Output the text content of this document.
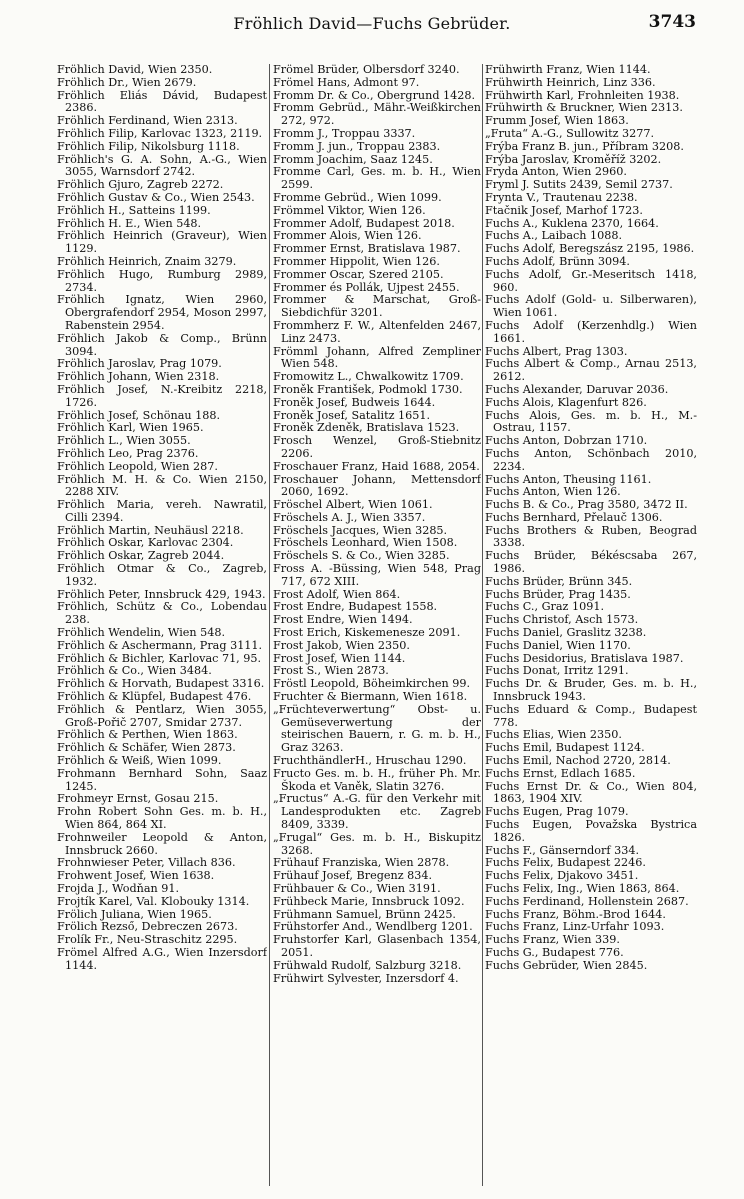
Fröhlich David—Fuchs Gebrüder.	3743

Fröhlich David, Wien 2350.

Fröhlich Dr., Wien 2679.

Fröhlich Eliás Dávid, Budapest 2386.

Fröhlich Ferdinand, Wien 2313.

Fröhlich Filip, Karlovac 1323, 2119.

Fröhlich Filip, Nikolsburg 1118.

Fröhlich's G. A. Sohn, A.-G., Wien 3055, Warnsdorf 2742.

Fröhlich Gjuro, Zagreb 2272.

Fröhlich Gustav & Co., Wien 2543.

Fröhlich H., Satteins 1199.

Fröhlich H. E., Wien 548.

Fröhlich Heinrich (Graveur), Wien 1129.

Fröhlich Heinrich, Znaim 3279.

Fröhlich Hugo, Rumburg 2989, 2734.

Fröhlich Ignatz, Wien 2960, Obergrafendorf 2954, Moson 2997, Rabenstein 2954.

Fröhlich Jakob & Comp., Brünn 3094.

Fröhlich Jaroslav, Prag 1079.

Fröhlich Johann, Wien 2318.

Fröhlich Josef, N.-Kreibitz 2218, 1726.

Fröhlich Josef, Schönau 188.

Fröhlich Karl, Wien 1965.

Fröhlich L., Wien 3055.

Fröhlich Leo, Prag 2376.

Fröhlich Leopold, Wien 287.

Fröhlich M. H. & Co. Wien 2150, 2288 XIV.

Fröhlich Maria, vereh. Nawratil, Cilli 2394.

Fröhlich Martin, Neuhäusl 2218.

Fröhlich Oskar, Karlovac 2304.

Fröhlich Oskar, Zagreb 2044.

Fröhlich Otmar & Co., Zagreb, 1932.

Fröhlich Peter, Innsbruck 429, 1943.

Fröhlich, Schütz & Co., Lobendau 238.

Fröhlich Wendelin, Wien 548.

Fröhlich & Aschermann, Prag 3111.

Fröhlich & Bichler, Karlovac 71, 95.

Fröhlich & Co., Wien 3484.

Fröhlich & Horvath, Budapest 3316.

Fröhlich & Klüpfel, Budapest 476.

Fröhlich & Pentlarz, Wien 3055, Groß-Pořič 2707, Smidar 2737.

Fröhlich & Perthen, Wien 1863.

Fröhlich & Schäfer, Wien 2873.

Fröhlich & Weiß, Wien 1099.

Frohmann Bernhard Sohn, Saaz 1245.

Frohmeyr Ernst, Gosau 215.

Frohn Robert Sohn Ges. m. b. H., Wien 864, 864 XI.

Frohnweiler Leopold & Anton, Innsbruck 2660.

Frohnwieser Peter, Villach 836.

Frohwent Josef, Wien 1638.

Frojda J., Wodňan 91.

Frojtík Karel, Val. Klobouky 1314.

Frölich Juliana, Wien 1965.

Frölich Rezső, Debreczen 2673.

Frolík Fr., Neu-Straschitz 2295.

Frömel Alfred A.G., Wien Inzersdorf 1144.

Frömel Brüder, Olbersdorf 3240.

Frömel Hans, Admont 97.

Fromm Dr. & Co., Obergrund 1428.

Fromm Gebrüd., Mähr.-Weißkirchen 272, 972.

Fromm J., Troppau 3337.

Fromm J. jun., Troppau 2383.

Fromm Joachim, Saaz 1245.

Fromme Carl, Ges. m. b. H., Wien 2599.

Fromme Gebrüd., Wien 1099.

Frömmel Viktor, Wien 126.

Frommer Adolf, Budapest 2018.

Frommer Alois, Wien 126.

Frommer Ernst, Bratislava 1987.

Frommer Hippolit, Wien 126.

Frommer Oscar, Szered 2105.

Frommer és Pollák, Ujpest 2455.

Frommer & Marschat, Groß-Siebdichfür 3201.

Frommherz F. W., Altenfelden 2467, Linz 2473.

Frömml Johann, Alfred Zempliner Wien 548.

Fromowitz L., Chwalkowitz 1709.

Froněk František, Podmokl 1730.

Froněk Josef, Budweis 1644.

Froněk Josef, Satalitz 1651.

Froněk Zdeněk, Bratislava 1523.

Frosch Wenzel, Groß-Stiebnitz 2206.

Froschauer Franz, Haid 1688, 2054.

Froschauer Johann, Mettensdorf 2060, 1692.

Fröschel Albert, Wien 1061.

Fröschels A. J., Wien 3357.

Fröschels Jacques, Wien 3285.

Fröschels Leonhard, Wien 1508.

Fröschels S. & Co., Wien 3285.

Fross A. -Büssing, Wien 548, Prag 717, 672 XIII.

Frost Adolf, Wien 864.

Frost Endre, Budapest 1558.

Frost Endre, Wien 1494.

Frost Erich, Kiskemenesze 2091.

Frost Jakob, Wien 2350.

Frost Josef, Wien 1144.

Frost S., Wien 2873.

Fröstl Leopold, Böheimkirchen 99.

Fruchter & Biermann, Wien 1618.

„Früchteverwertung“ Obst- u. Gemüseverwertung der steirischen Bauern, r. G. m. b. H., Graz 3263.

FruchthändlerH., Hruschau 1290.

Fructo Ges. m. b. H., früher Ph. Mr. Škoda et Vaněk, Slatin 3276.

„Fructus“ A.-G. für den Verkehr mit Landesprodukten etc. Zagreb 8409, 3339.

„Frugal“ Ges. m. b. H., Biskupitz 3268.

Frühauf Franziska, Wien 2878.

Frühauf Josef, Bregenz 834.

Frühbauer & Co., Wien 3191.

Frühbeck Marie, Innsbruck 1092.

Frühmann Samuel, Brünn 2425.

Frühstorfer And., Wendlberg 1201.

Fruhstorfer Karl, Glasenbach 1354, 2051.

Frühwald Rudolf, Salzburg 3218.

Frühwirt Sylvester, Inzersdorf 4.

Frühwirth Franz, Wien 1144.

Frühwirth Heinrich, Linz 336.

Frühwirth Karl, Frohnleiten 1938.

Frühwirth & Bruckner, Wien 2313.

Frumm Josef, Wien 1863.

„Fruta“ A.-G., Sullowitz 3277.

Frýba Franz B. jun., Příbram 3208.

Frýba Jaroslav, Kroměříž 3202.

Fryda Anton, Wien 2960.

Fryml J. Sutits 2439, Semil 2737.

Frynta V., Trautenau 2238.

Ftačnik Josef, Marhof 1723.

Fuchs A., Kuklena 2370, 1664.

Fuchs A., Laibach 1088.

Fuchs Adolf, Beregszász 2195, 1986.

Fuchs Adolf, Brünn 3094.

Fuchs Adolf, Gr.-Meseritsch 1418, 960.

Fuchs Adolf (Gold- u. Silberwaren), Wien 1061.

Fuchs Adolf (Kerzenhdlg.) Wien 1661.

Fuchs Albert, Prag 1303.

Fuchs Albert & Comp., Arnau 2513, 2612.

Fuchs Alexander, Daruvar 2036.

Fuchs Alois, Klagenfurt 826.

Fuchs Alois, Ges. m. b. H., M.-Ostrau, 1157.

Fuchs Anton, Dobrzan 1710.

Fuchs Anton, Schönbach 2010, 2234.

Fuchs Anton, Theusing 1161.

Fuchs Anton, Wien 126.

Fuchs B. & Co., Prag 3580, 3472 II.

Fuchs Bernhard, Přelauč 1306.

Fuchs Brothers & Ruben, Beograd 3338.

Fuchs Brüder, Békéscsaba 267, 1986.

Fuchs Brüder, Brünn 345.

Fuchs Brüder, Prag 1435.

Fuchs C., Graz 1091.

Fuchs Christof, Asch 1573.

Fuchs Daniel, Graslitz 3238.

Fuchs Daniel, Wien 1170.

Fuchs Desidorius, Bratislava 1987.

Fuchs Donat, Irritz 1291.

Fuchs Dr. & Bruder, Ges. m. b. H., Innsbruck 1943.

Fuchs Eduard & Comp., Budapest 778.

Fuchs Elias, Wien 2350.

Fuchs Emil, Budapest 1124.

Fuchs Emil, Nachod 2720, 2814.

Fuchs Ernst, Edlach 1685.

Fuchs Ernst Dr. & Co., Wien 804, 1863, 1904 XIV.

Fuchs Eugen, Prag 1079.

Fuchs Eugen, Považska Bystrica 1826.

Fuchs F., Gänserndorf 334.

Fuchs Felix, Budapest 2246.

Fuchs Felix, Djakovo 3451.

Fuchs Felix, Ing., Wien 1863, 864.

Fuchs Ferdinand, Hollenstein 2687.

Fuchs Franz, Böhm.-Brod 1644.

Fuchs Franz, Linz-Urfahr 1093.

Fuchs Franz, Wien 339.

Fuchs G., Budapest 776.

Fuchs Gebrüder, Wien 2845.
